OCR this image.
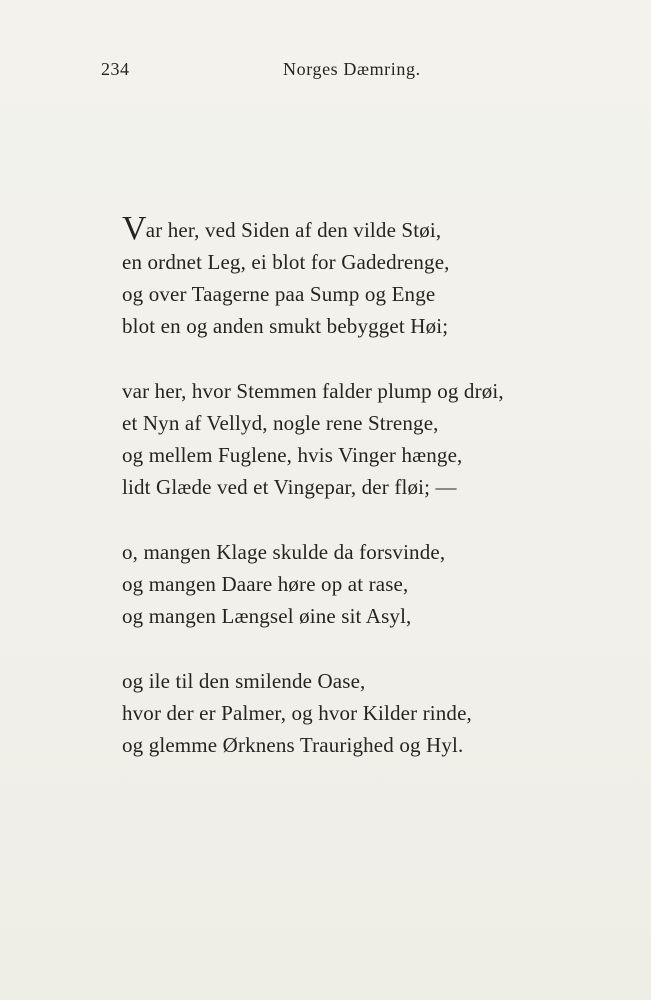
234	Norges Dæmring.
Var her, ved Siden af den vilde Støi,
en ordnet Leg, ei blot for Gadedrenge,
og over Taagerne paa Sump og Enge
blot en og anden smukt bebygget Høi;
var her, hvor Stemmen falder plump og drøi,
et Nyn af Vellyd, nogle rene Strenge,
og mellem Fuglene, hvis Vinger hænge,
lidt Glæde ved et Vingepar, der fløi; —
o, mangen Klage skulde da forsvinde,
og mangen Daare høre op at rase,
og mangen Længsel øine sit Asyl,
og ile til den smilende Oase,
hvor der er Palmer, og hvor Kilder rinde,
og glemme Ørknens Traurighed og Hyl.
